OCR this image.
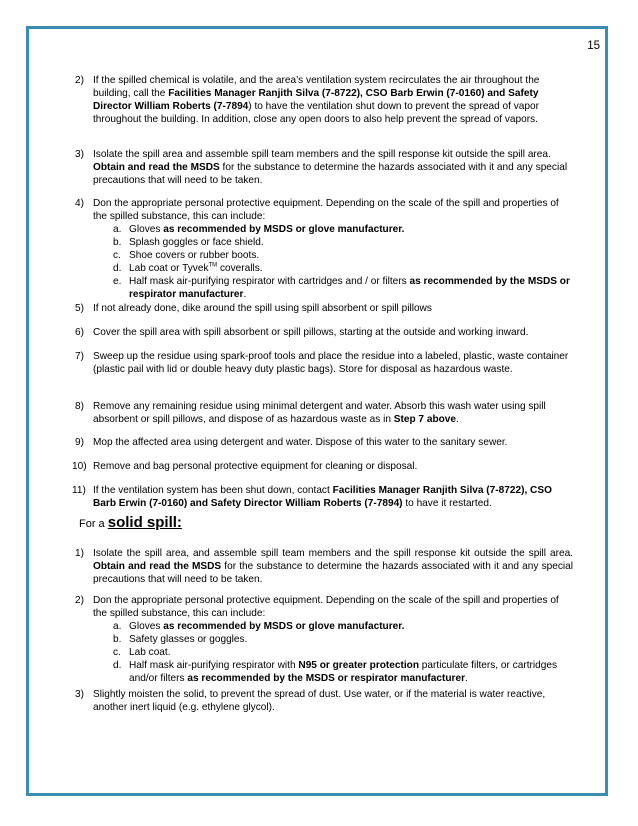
15
2) If the spilled chemical is volatile, and the area’s ventilation system recirculates the air throughout the building, call the Facilities Manager Ranjith Silva (7-8722), CSO Barb Erwin (7-0160) and Safety Director William Roberts (7-7894) to have the ventilation shut down to prevent the spread of vapor throughout the building. In addition, close any open doors to also help prevent the spread of vapors.
3) Isolate the spill area and assemble spill team members and the spill response kit outside the spill area. Obtain and read the MSDS for the substance to determine the hazards associated with it and any special precautions that will need to be taken.
4) Don the appropriate personal protective equipment. Depending on the scale of the spill and properties of the spilled substance, this can include:
a. Gloves as recommended by MSDS or glove manufacturer.
b. Splash goggles or face shield.
c. Shoe covers or rubber boots.
d. Lab coat or Tyvek™ coveralls.
e. Half mask air-purifying respirator with cartridges and / or filters as recommended by the MSDS or respirator manufacturer.
5) If not already done, dike around the spill using spill absorbent or spill pillows
6) Cover the spill area with spill absorbent or spill pillows, starting at the outside and working inward.
7) Sweep up the residue using spark-proof tools and place the residue into a labeled, plastic, waste container (plastic pail with lid or double heavy duty plastic bags). Store for disposal as hazardous waste.
8) Remove any remaining residue using minimal detergent and water. Absorb this wash water using spill absorbent or spill pillows, and dispose of as hazardous waste as in Step 7 above.
9) Mop the affected area using detergent and water. Dispose of this water to the sanitary sewer.
10) Remove and bag personal protective equipment for cleaning or disposal.
11) If the ventilation system has been shut down, contact Facilities Manager Ranjith Silva (7-8722), CSO Barb Erwin (7-0160) and Safety Director William Roberts (7-7894) to have it restarted.
For a solid spill:
1) Isolate the spill area, and assemble spill team members and the spill response kit outside the spill area. Obtain and read the MSDS for the substance to determine the hazards associated with it and any special precautions that will need to be taken.
2) Don the appropriate personal protective equipment. Depending on the scale of the spill and properties of the spilled substance, this can include:
a. Gloves as recommended by MSDS or glove manufacturer.
b. Safety glasses or goggles.
c. Lab coat.
d. Half mask air-purifying respirator with N95 or greater protection particulate filters, or cartridges and/or filters as recommended by the MSDS or respirator manufacturer.
3) Slightly moisten the solid, to prevent the spread of dust. Use water, or if the material is water reactive, another inert liquid (e.g. ethylene glycol).
